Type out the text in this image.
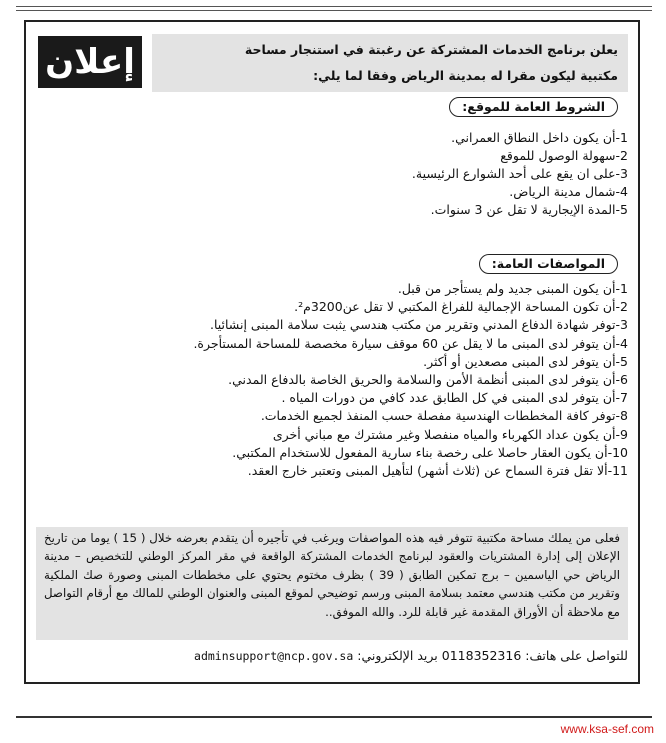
إعلان	يعلن برنامج الخدمات المشتركة عن رغبتة في استنجار مساحة
مكتبية ليكون مقرا له بمدينة الرياض وفقا لما يلي:
الشروط العامة للموقع:
1-أن يكون داخل النطاق العمراني.
2-سهولة الوصول للموقع
3-على ان يقع على أحد الشوارع الرئيسية.
4-شمال مدينة الرياض.
5-المدة الإيجارية لا تقل عن 3 سنوات.
المواصفات العامة:
1-أن يكون المبنى جديد ولم يستأجر من قبل.
2-أن تكون المساحة الإجمالية للفراغ المكتبي لا تقل عن3200م².
3-توفر شهادة الدفاع المدني وتقرير من مكتب هندسي يثبت سلامة المبنى إنشائيا.
4-أن يتوفر لدى المبنى ما لا يقل عن 60 موقف سيارة مخصصة للمساحة المستأجرة.
5-أن يتوفر لدى المبنى مصعدين أو أكثر.
6-أن يتوفر لدى المبنى أنظمة الأمن والسلامة والحريق الخاصة بالدفاع المدني.
7-أن يتوفر لدى المبنى في كل الطابق عدد كافي من دورات المياه .
8-توفر كافة المخططات الهندسية مفصلة حسب المنفذ لجميع الخدمات.
9-أن يكون عداد الكهرباء والمياه منفصلا وغير مشترك مع مباني أخرى
10-أن يكون العقار حاصلا على رخصة بناء سارية المفعول للاستخدام المكتبي.
11-ألا تقل فترة السماح عن (ثلاث أشهر) لتأهيل المبنى وتعتبر خارج العقد.
فعلى من يملك مساحة مكتبية تتوفر فيه هذه المواصفات ويرغب في تأجيره أن يتقدم بعرضه خلال ( 15 ) يوما من تاريخ الإعلان إلى إدارة المشتريات والعقود لبرنامج الخدمات المشتركة الواقعة في مقر المركز الوطني للتخصيص – مدينة الرياض حي الياسمين – برج تمكين الطابق ( 39 ) بظرف مختوم يحتوي على مخططات المبنى وصورة صك الملكية وتقرير من مكتب هندسي معتمد بسلامة المبنى ورسم توضيحي لموقع المبنى والعنوان الوطني للمالك مع أرقام التواصل مع ملاحظة أن الأوراق المقدمة غير قابلة للرد. والله الموفق..
للتواصل على هاتف: 0118352316 بريد الإلكتروني: adminsupport@ncp.gov.sa
www.ksa-sef.com
